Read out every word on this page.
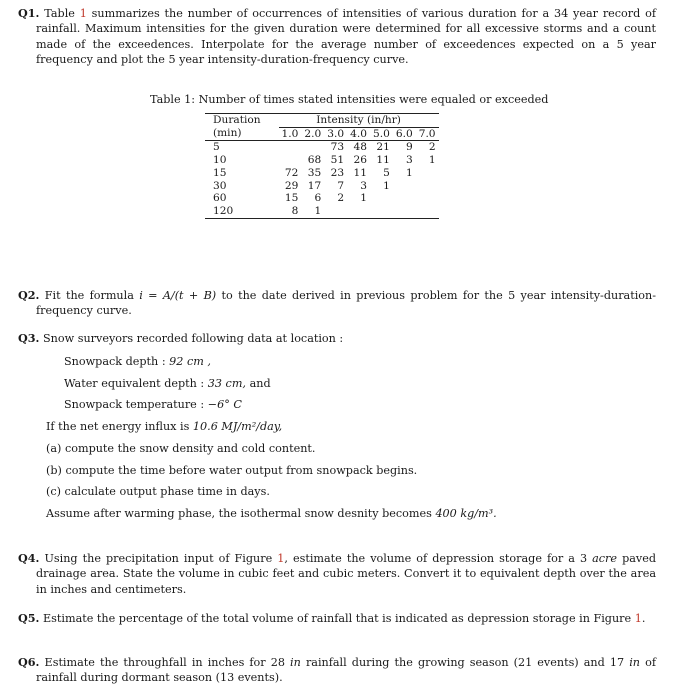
Q1. Table 1 summarizes the number of occurrences of intensities of various duration for a 34 year record of rainfall. Maximum intensities for the given duration were determined for all excessive storms and a count made of the exceedences. Interpolate for the average number of exceedences expected on a 5 year frequency and plot the 5 year intensity-duration-frequency curve.

Table 1: Number of times stated intensities were equaled or exceeded
Duration	Intensity (in/hr)						
(min)	1.0	2.0	3.0	4.0	5.0	6.0	7.0
5			73	48	21	9	2
10		68	51	26	11	3	1
15	72	35	23	11	5	1	
30	29	17	7	3	1		
60	15	6	2	1			
120	8	1					

Q2. Fit the formula i = A/(t + B) to the date derived in previous problem for the 5 year intensity-duration-frequency curve.

Q3. Snow surveyors recorded following data at location :

Snowpack depth : 92 cm ,

Water equivalent depth : 33 cm, and

Snowpack temperature : −6° C

If the net energy influx is 10.6 MJ/m²/day,

(a) compute the snow density and cold content.

(b) compute the time before water output from snowpack begins.

(c) calculate output phase time in days.

Assume after warming phase, the isothermal snow desnity becomes 400 kg/m³.

Q4. Using the precipitation input of Figure 1, estimate the volume of depression storage for a 3 acre paved drainage area. State the volume in cubic feet and cubic meters. Convert it to equivalent depth over the area in inches and centimeters.

Q5. Estimate the percentage of the total volume of rainfall that is indicated as depression storage in Figure 1.

Q6. Estimate the throughfall in inches for 28 in rainfall during the growing season (21 events) and 17 in of rainfall during dormant season (13 events).
